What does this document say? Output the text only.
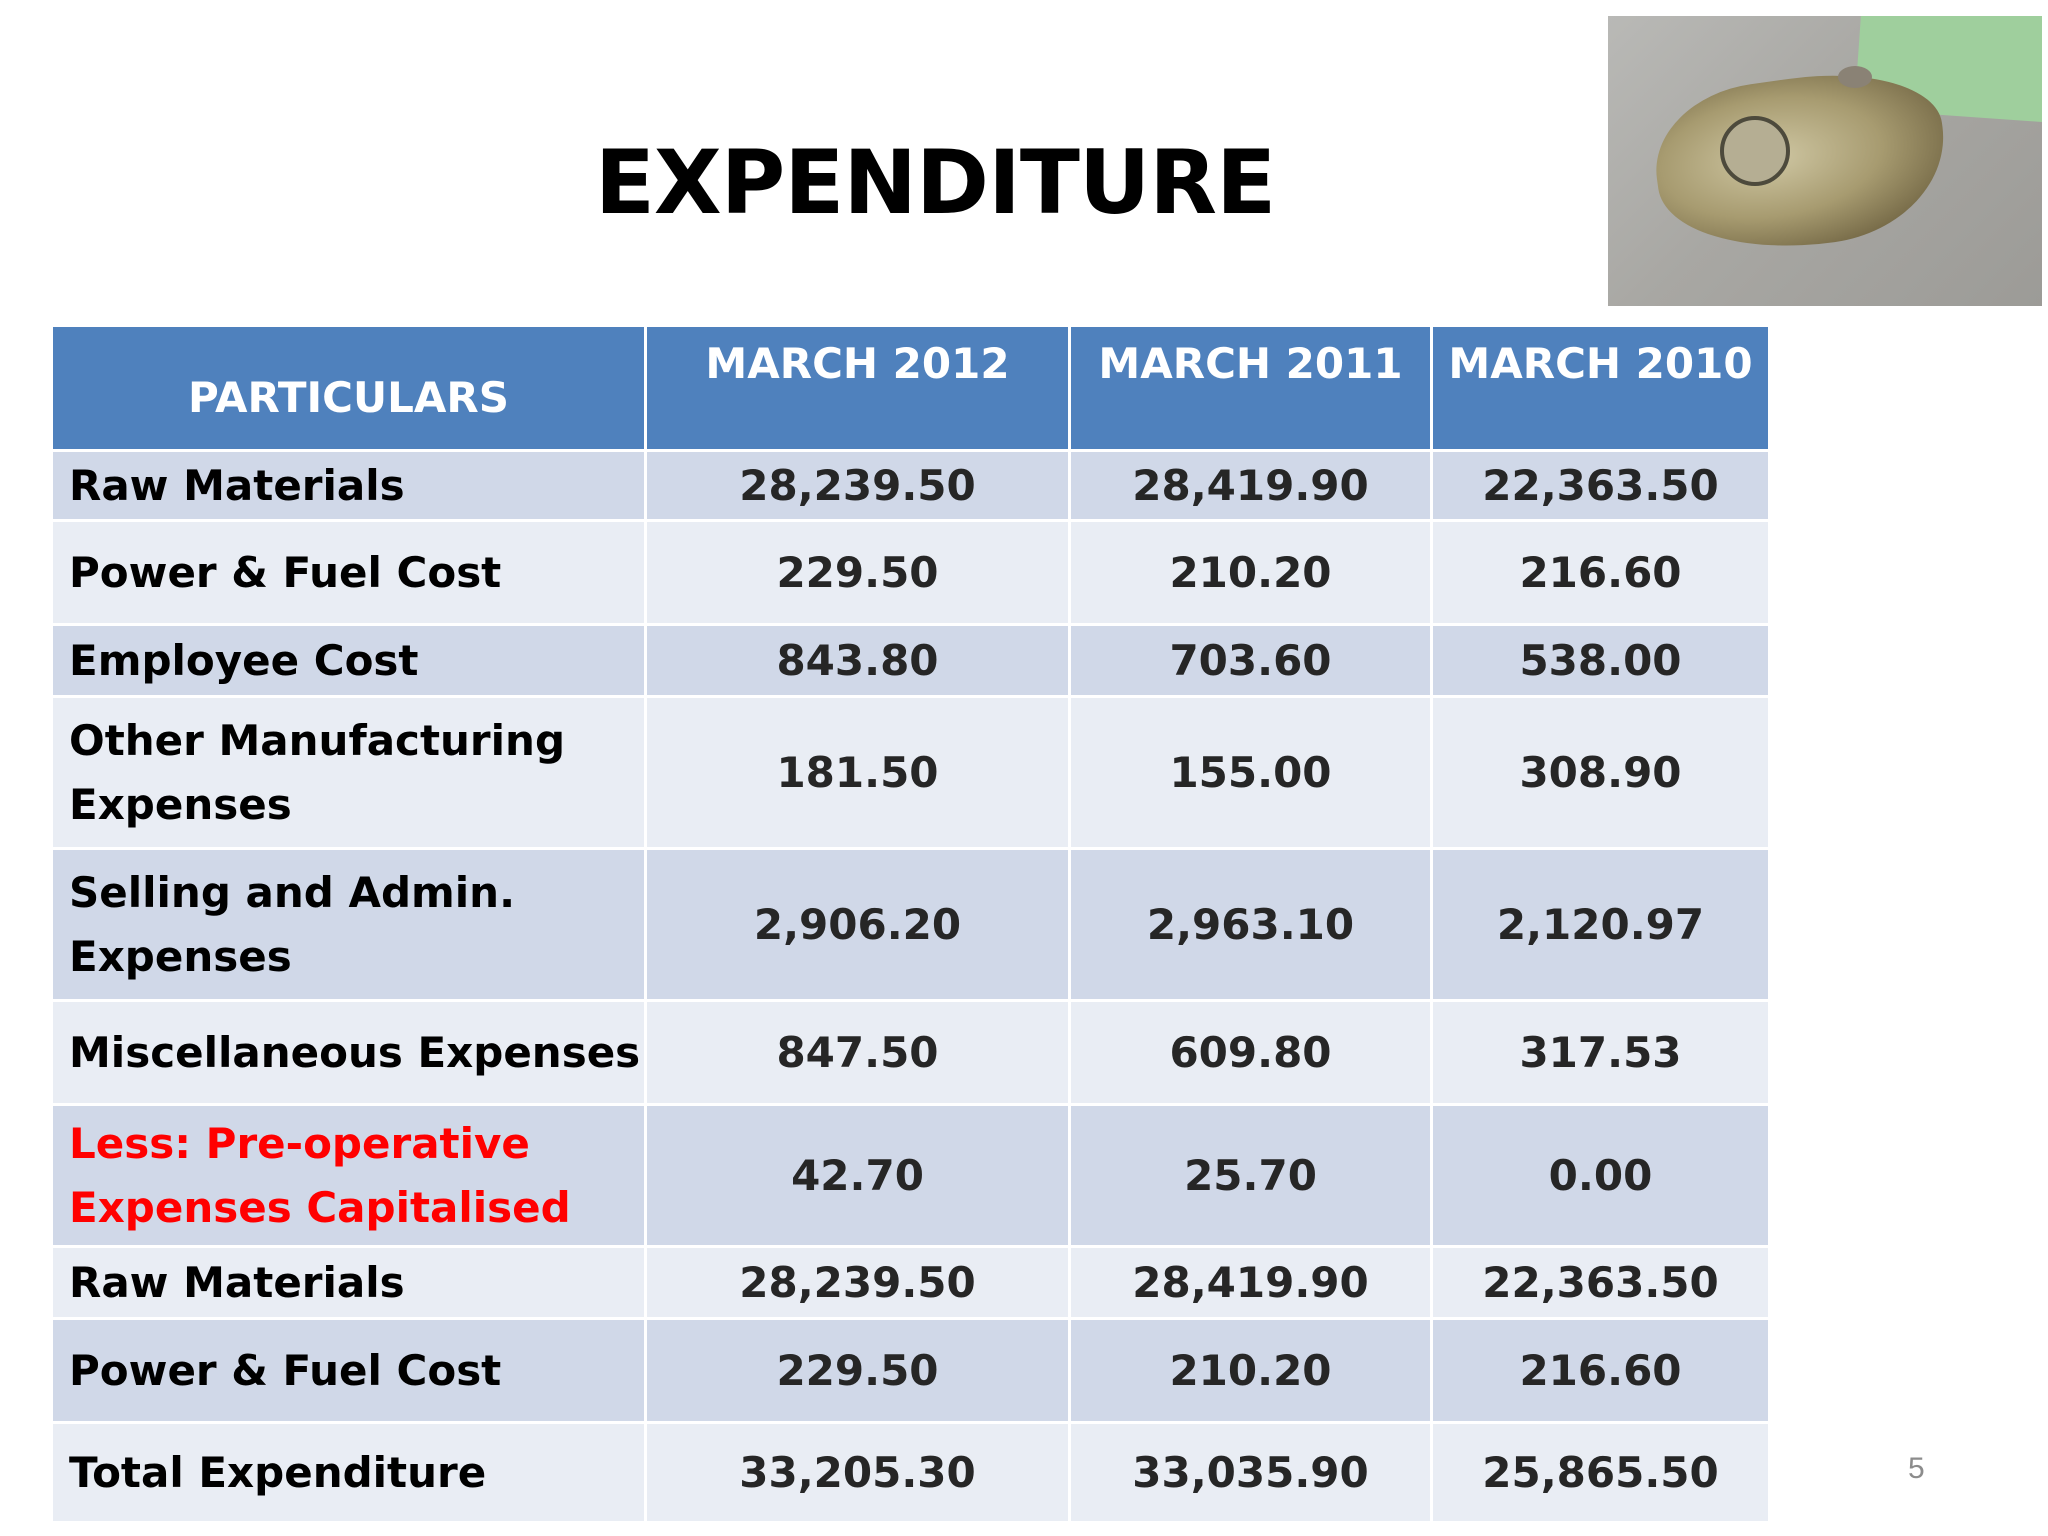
EXPENDITURE
PARTICULARS	MARCH 2012	MARCH 2011	MARCH 2010
Raw Materials	28,239.50	28,419.90	22,363.50
Power & Fuel Cost	229.50	210.20	216.60
Employee Cost	843.80	703.60	538.00
Other Manufacturing Expenses	181.50	155.00	308.90
Selling and Admin. Expenses	2,906.20	2,963.10	2,120.97
Miscellaneous Expenses	847.50	609.80	317.53
Less: Pre-operative Expenses Capitalised	42.70	25.70	0.00
Raw Materials	28,239.50	28,419.90	22,363.50
Power & Fuel Cost	229.50	210.20	216.60
Total Expenditure	33,205.30	33,035.90	25,865.50	5
